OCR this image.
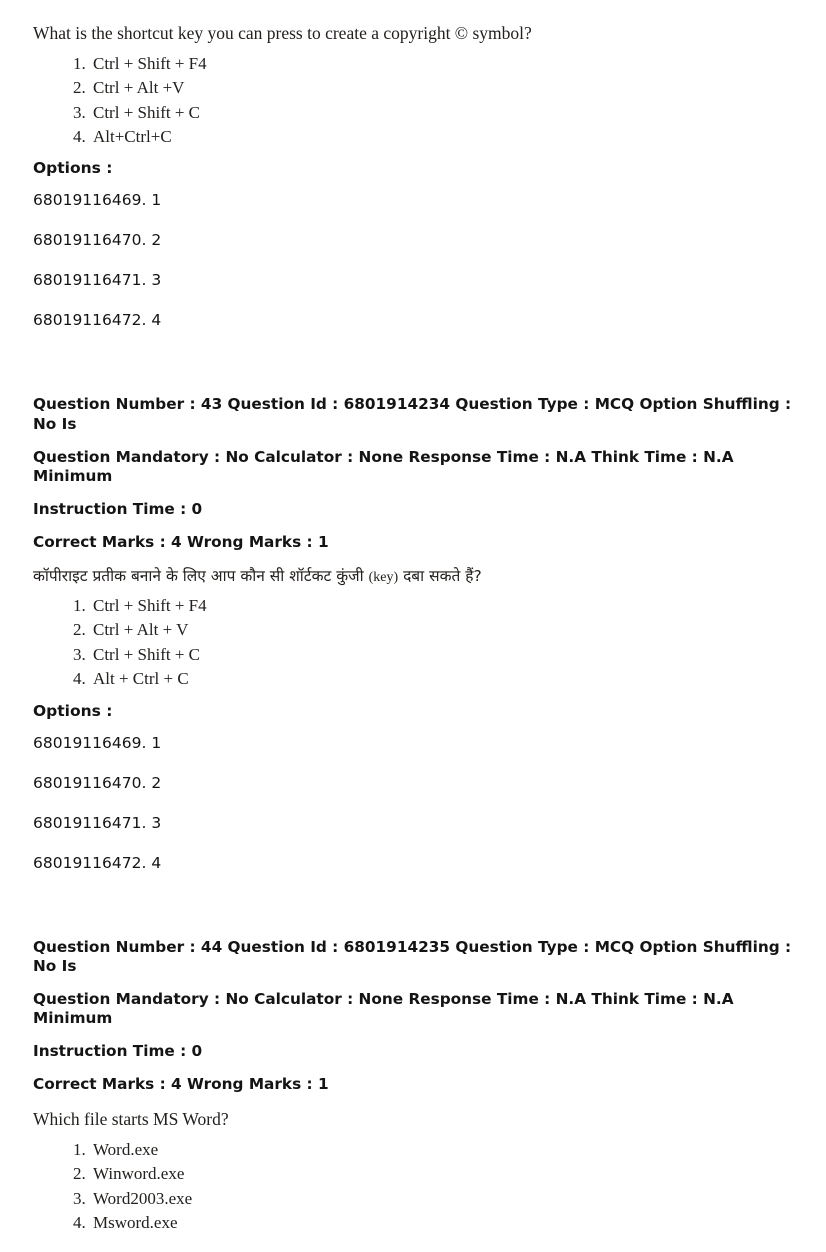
What is the shortcut key you can press to create a copyright © symbol?

1. Ctrl + Shift + F4
2. Ctrl + Alt +V
3. Ctrl + Shift + C
4. Alt+Ctrl+C
Options :
68019116469. 1
68019116470. 2
68019116471. 3
68019116472. 4
Question Number : 43 Question Id : 6801914234 Question Type : MCQ Option Shuffling : No Is
Question Mandatory : No Calculator : None Response Time : N.A Think Time : N.A Minimum
Instruction Time : 0
Correct Marks : 4 Wrong Marks : 1

कॉपीराइट प्रतीक बनाने के लिए आप कौन सी शॉर्टकट कुंजी (key) दबा सकते हैं?

1. Ctrl + Shift + F4
2. Ctrl + Alt + V
3. Ctrl + Shift + C
4. Alt + Ctrl + C
Options :
68019116469. 1
68019116470. 2
68019116471. 3
68019116472. 4
Question Number : 44 Question Id : 6801914235 Question Type : MCQ Option Shuffling : No Is
Question Mandatory : No Calculator : None Response Time : N.A Think Time : N.A Minimum
Instruction Time : 0
Correct Marks : 4 Wrong Marks : 1

Which file starts MS Word?

1. Word.exe
2. Winword.exe
3. Word2003.exe
4. Msword.exe
